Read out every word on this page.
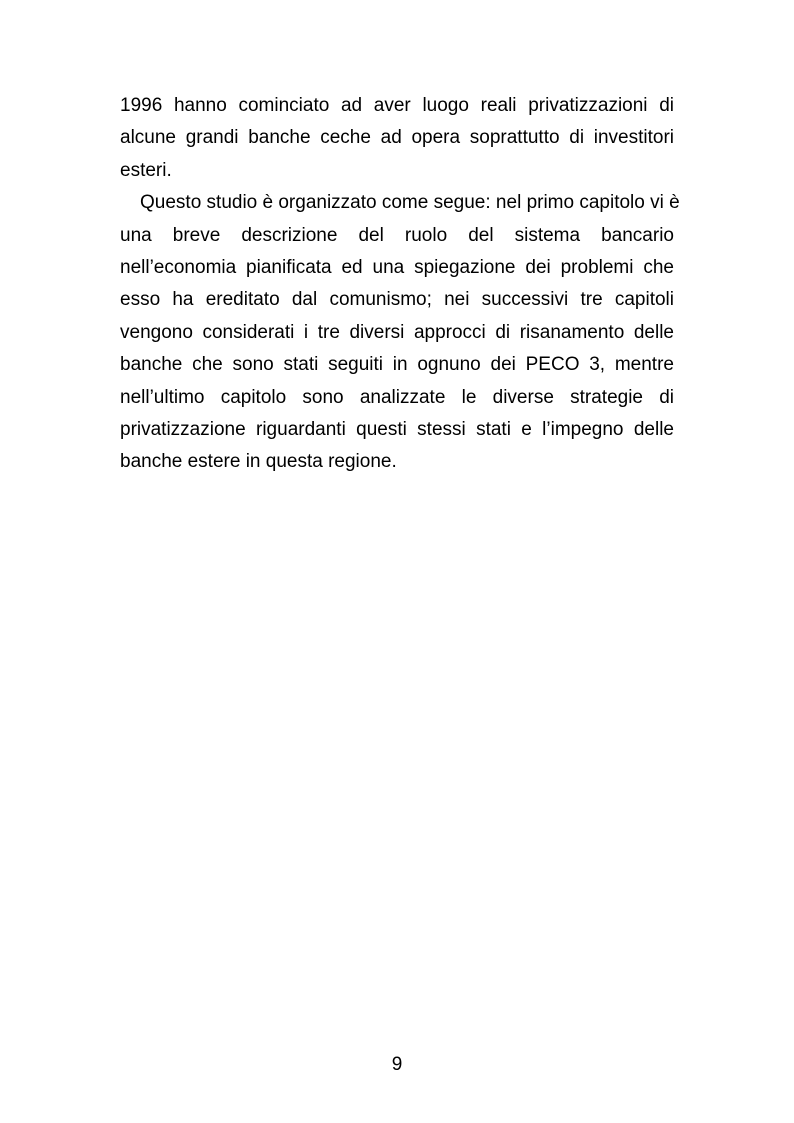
1996 hanno cominciato ad aver luogo reali privatizzazioni di
alcune grandi banche ceche ad opera soprattutto di investitori
esteri.
Questo studio è organizzato come segue: nel primo capitolo vi è
una breve descrizione del ruolo del sistema bancario
nell’economia pianificata ed una spiegazione dei problemi che
esso ha ereditato dal comunismo; nei successivi tre capitoli
vengono considerati i tre diversi approcci di risanamento delle
banche che sono stati seguiti in ognuno dei PECO 3, mentre
nell’ultimo capitolo sono analizzate le diverse strategie di
privatizzazione riguardanti questi stessi stati e l’impegno delle
banche estere in questa regione.
9
